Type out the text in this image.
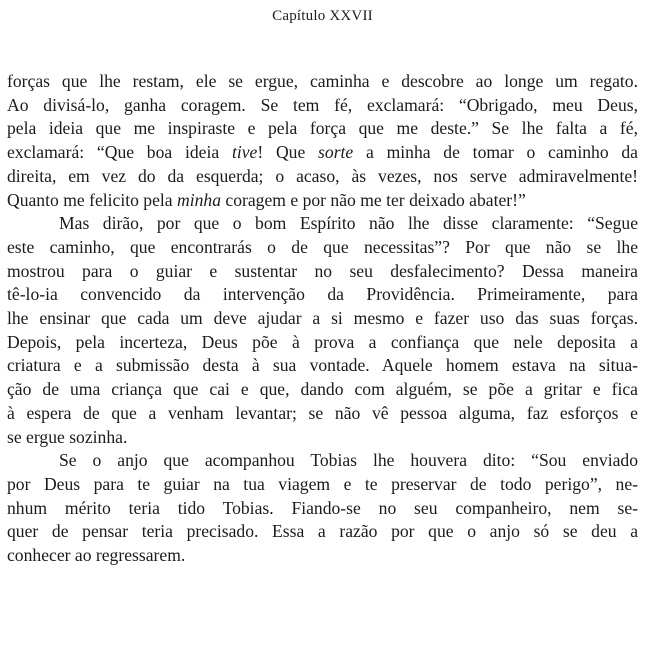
Capítulo XXVII

forças que lhe restam, ele se ergue, caminha e descobre ao longe um regato.
Ao divisá-lo, ganha coragem. Se tem fé, exclamará: “Obrigado, meu Deus,
pela ideia que me inspiraste e pela força que me deste.” Se lhe falta a fé,
exclamará: “Que boa ideia tive! Que sorte a minha de tomar o caminho da
direita, em vez do da esquerda; o acaso, às vezes, nos serve admiravelmente!
Quanto me felicito pela minha coragem e por não me ter deixado abater!”

Mas dirão, por que o bom Espírito não lhe disse claramente: “Segue
este caminho, que encontrarás o de que necessitas”? Por que não se lhe
mostrou para o guiar e sustentar no seu desfalecimento? Dessa maneira
tê-lo-ia convencido da intervenção da Providência. Primeiramente, para
lhe ensinar que cada um deve ajudar a si mesmo e fazer uso das suas forças.
Depois, pela incerteza, Deus põe à prova a confiança que nele deposita a
criatura e a submissão desta à sua vontade. Aquele homem estava na situa-
ção de uma criança que cai e que, dando com alguém, se põe a gritar e fica
à espera de que a venham levantar; se não vê pessoa alguma, faz esforços e
se ergue sozinha.

Se o anjo que acompanhou Tobias lhe houvera dito: “Sou enviado
por Deus para te guiar na tua viagem e te preservar de todo perigo”, ne-
nhum mérito teria tido Tobias. Fiando-se no seu companheiro, nem se-
quer de pensar teria precisado. Essa a razão por que o anjo só se deu a
conhecer ao regressarem.
